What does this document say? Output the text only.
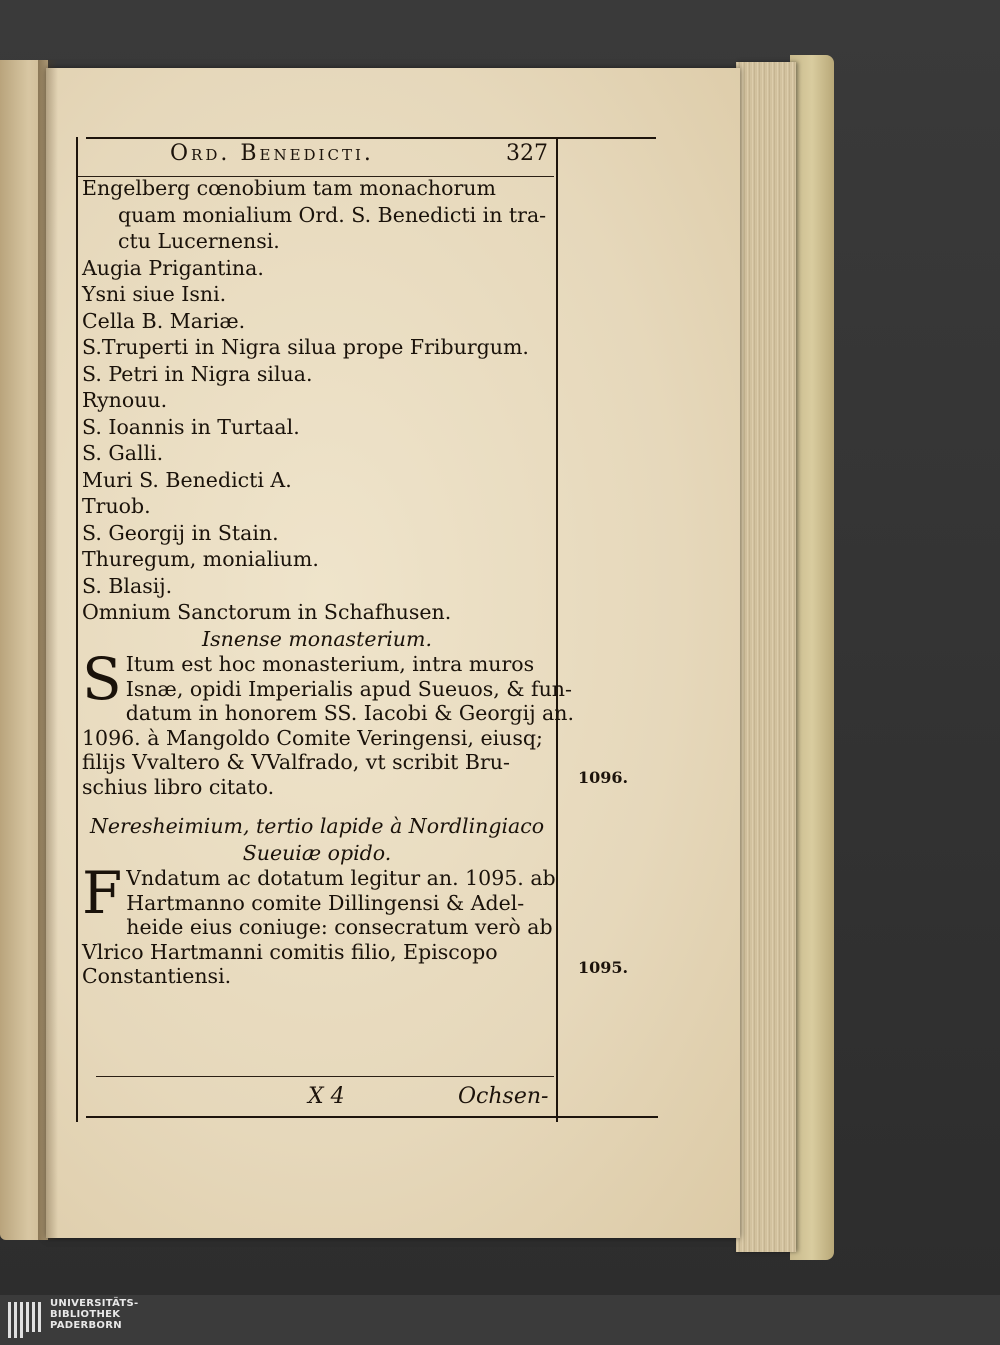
Ord. Benedicti.	327
Engelberg cœnobium tam monachorum
quam monialium Ord. S. Benedicti in tra-
ctu Lucernensi.
Augia Prigantina.
Ysni siue Isni.
Cella B. Mariæ.
S.Truperti in Nigra silua prope Friburgum.
S. Petri in Nigra silua.
Rynouu.
S. Ioannis in Turtaal.
S. Galli.
Muri S. Benedicti A.
Truob.
S. Georgij in Stain.
Thuregum, monialium.
S. Blasij.
Omnium Sanctorum in Schafhusen.
Isnense monasterium.
S Itum est hoc monasterium, intra muros
Isnæ, opidi Imperialis apud Sueuos, & fun-
datum in honorem SS. Iacobi & Georgij an.
1096. à Mangoldo Comite Veringensi, eiusq;
filijs Vvaltero & VValfrado, vt scribit Bru-
schius libro citato.
Neresheimium, tertio lapide à Nordlingiaco
Sueuiæ opido.
F Vndatum ac dotatum legitur an. 1095. ab
Hartmanno comite Dillingensi & Adel-
heide eius coniuge: consecratum verò ab
Vlrico Hartmanni comitis filio, Episcopo
Constantiensi.
1096.
1095.
X 4	Ochsen-
UNIVERSITÄTS-
BIBLIOTHEK
PADERBORN
